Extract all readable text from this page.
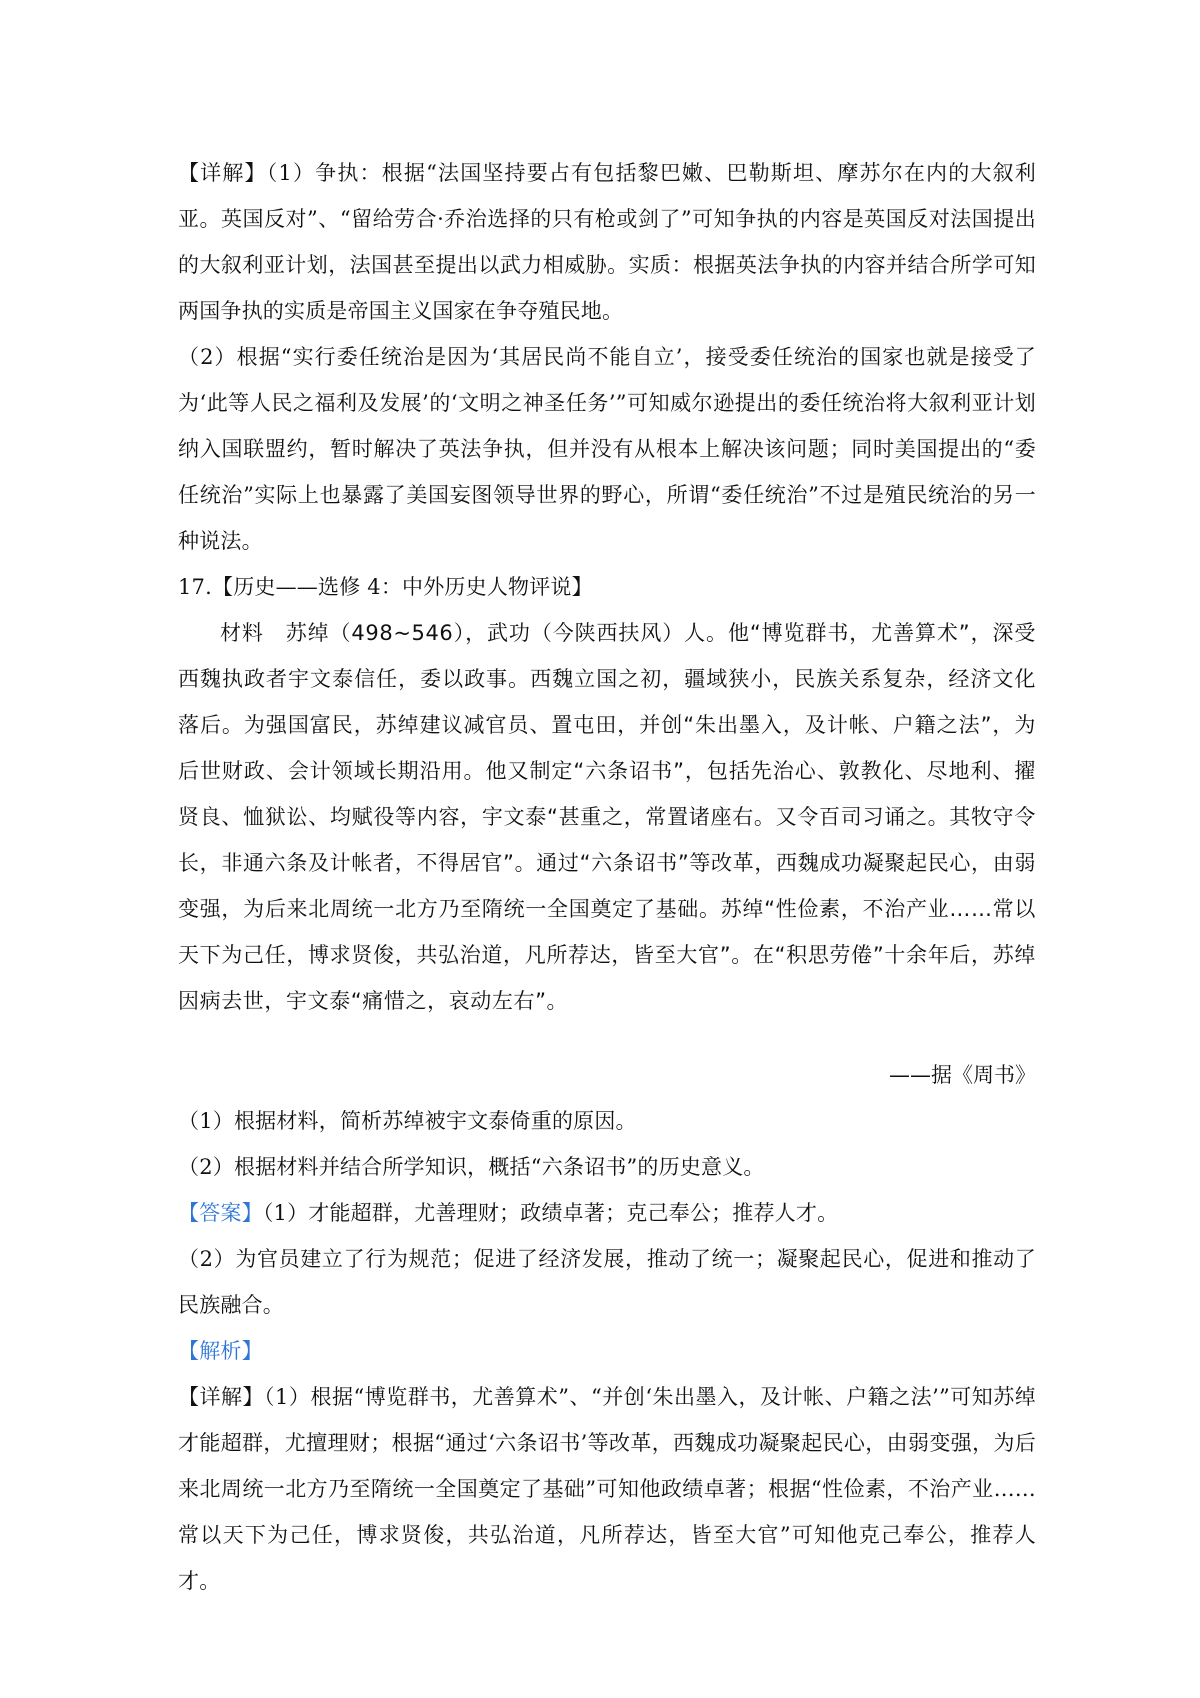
【详解】（1）争执：根据“法国坚持要占有包括黎巴嫩、巴勒斯坦、摩苏尔在内的大叙利亚。英国反对”、“留给劳合·乔治选择的只有枪或剑了”可知争执的内容是英国反对法国提出的大叙利亚计划，法国甚至提出以武力相威胁。实质：根据英法争执的内容并结合所学可知两国争执的实质是帝国主义国家在争夺殖民地。

（2）根据“实行委任统治是因为‘其居民尚不能自立’，接受委任统治的国家也就是接受了为‘此等人民之福利及发展’的‘文明之神圣任务’”可知威尔逊提出的委任统治将大叙利亚计划纳入国联盟约，暂时解决了英法争执，但并没有从根本上解决该问题；同时美国提出的“委任统治”实际上也暴露了美国妄图领导世界的野心，所谓“委任统治”不过是殖民统治的另一种说法。

17.【历史——选修 4：中外历史人物评说】

材料　苏绰（498~546），武功（今陕西扶风）人。他“博览群书，尤善算术”，深受西魏执政者宇文泰信任，委以政事。西魏立国之初，疆域狭小，民族关系复杂，经济文化落后。为强国富民，苏绰建议减官员、置屯田，并创“朱出墨入，及计帐、户籍之法”，为后世财政、会计领域长期沿用。他又制定“六条诏书”，包括先治心、敦教化、尽地利、擢贤良、恤狱讼、均赋役等内容，宇文泰“甚重之，常置诸座右。又令百司习诵之。其牧守令长，非通六条及计帐者，不得居官”。通过“六条诏书”等改革，西魏成功凝聚起民心，由弱变强，为后来北周统一北方乃至隋统一全国奠定了基础。苏绰“性俭素，不治产业……常以天下为己任，博求贤俊，共弘治道，凡所荐达，皆至大官”。在“积思劳倦”十余年后，苏绰因病去世，宇文泰“痛惜之，哀动左右”。

——据《周书》

（1）根据材料，简析苏绰被宇文泰倚重的原因。

（2）根据材料并结合所学知识，概括“六条诏书”的历史意义。

【答案】（1）才能超群，尤善理财；政绩卓著；克己奉公；推荐人才。

（2）为官员建立了行为规范；促进了经济发展，推动了统一；凝聚起民心，促进和推动了民族融合。

【解析】

【详解】（1）根据“博览群书，尤善算术”、“并创‘朱出墨入，及计帐、户籍之法’”可知苏绰才能超群，尤擅理财；根据“通过‘六条诏书’等改革，西魏成功凝聚起民心，由弱变强，为后来北周统一北方乃至隋统一全国奠定了基础”可知他政绩卓著；根据“性俭素，不治产业……常以天下为己任，博求贤俊，共弘治道，凡所荐达，皆至大官”可知他克己奉公，推荐人才。
